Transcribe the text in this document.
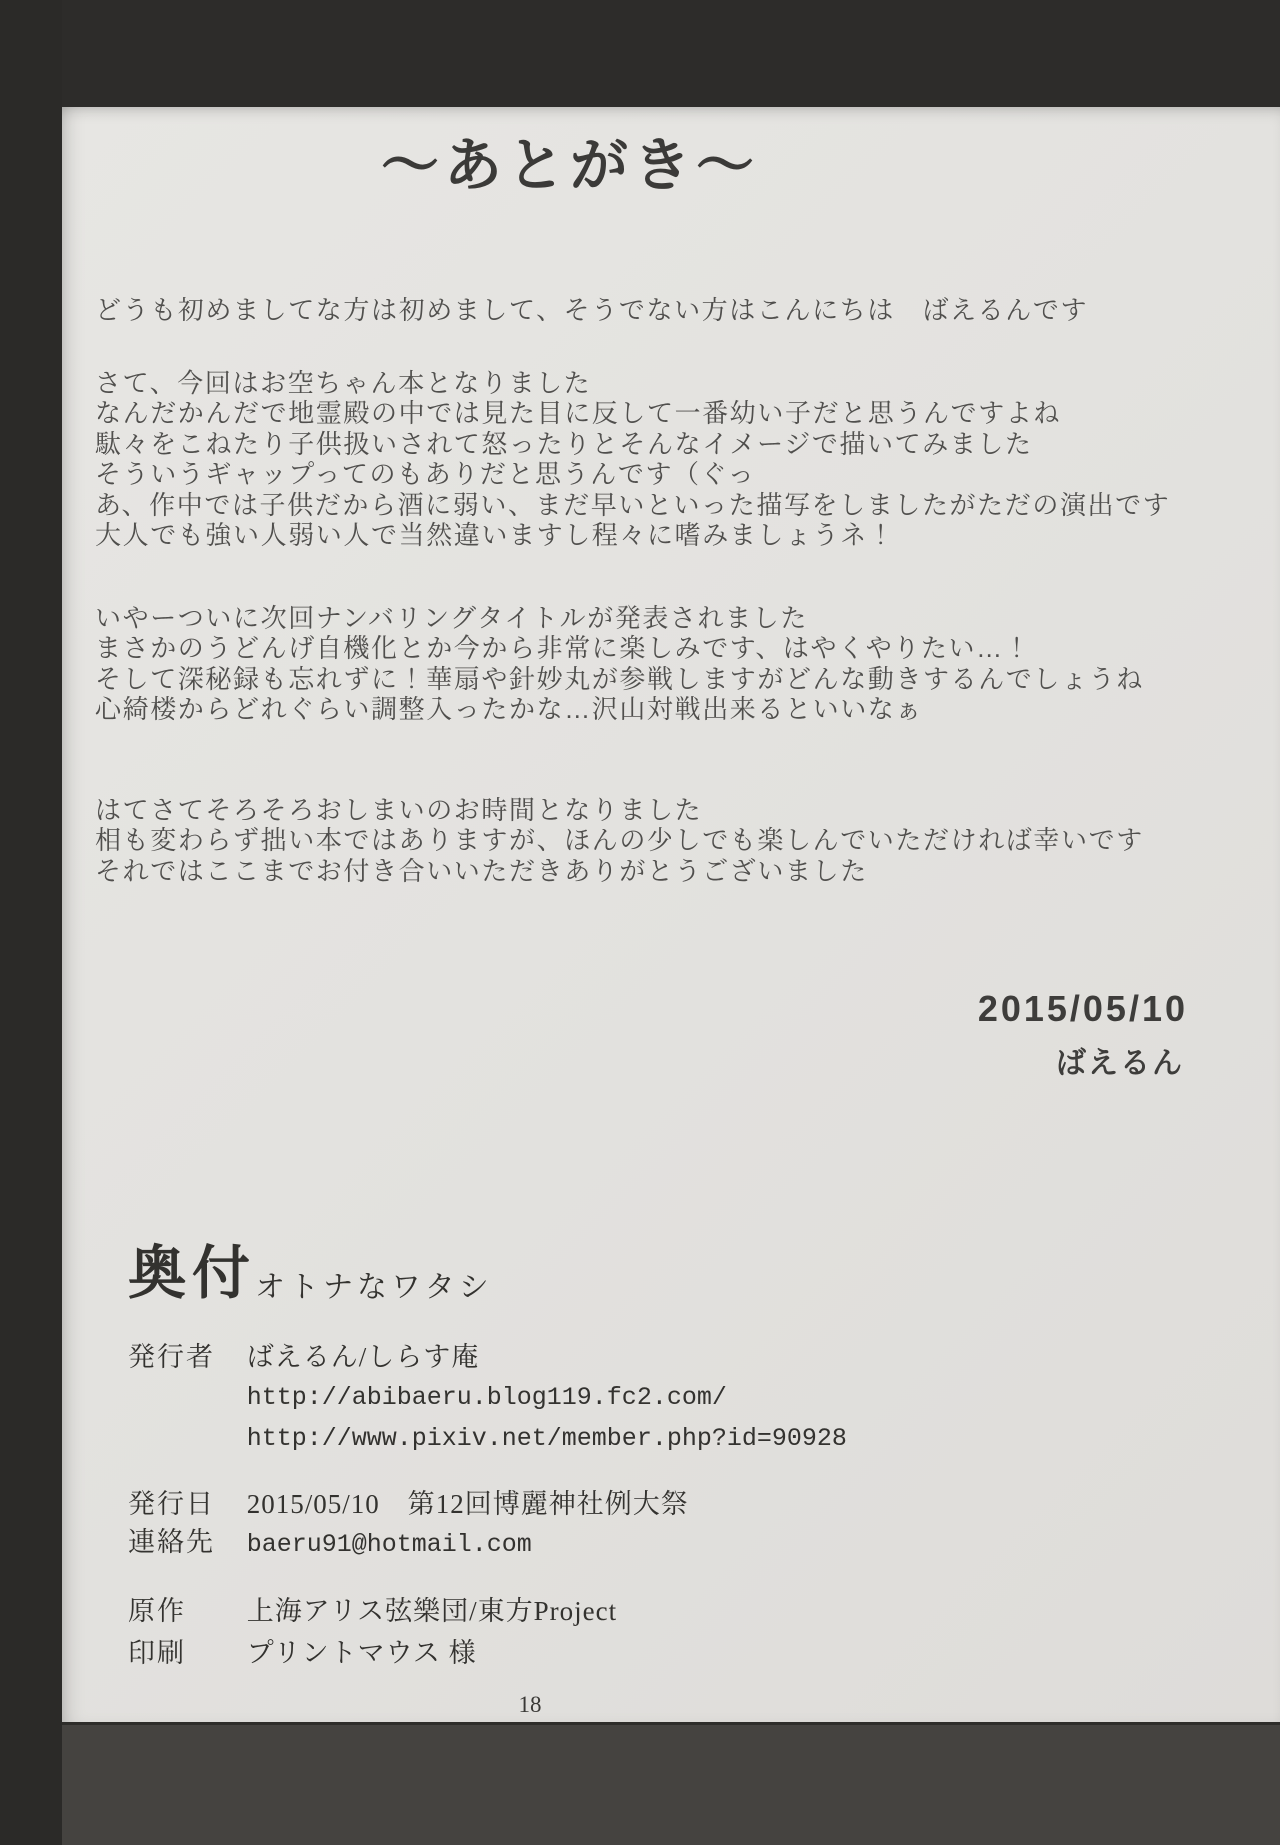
〜あとがき〜
どうも初めましてな方は初めまして、そうでない方はこんにちは　ばえるんです
さて、今回はお空ちゃん本となりました
なんだかんだで地霊殿の中では見た目に反して一番幼い子だと思うんですよね
駄々をこねたり子供扱いされて怒ったりとそんなイメージで描いてみました
そういうギャップってのもありだと思うんです（ぐっ
あ、作中では子供だから酒に弱い、まだ早いといった描写をしましたがただの演出です
大人でも強い人弱い人で当然違いますし程々に嗜みましょうネ！
いやーついに次回ナンバリングタイトルが発表されました
まさかのうどんげ自機化とか今から非常に楽しみです、はやくやりたい…！
そして深秘録も忘れずに！華扇や針妙丸が参戦しますがどんな動きするんでしょうね
心綺楼からどれぐらい調整入ったかな…沢山対戦出来るといいなぁ
はてさてそろそろおしまいのお時間となりました
相も変わらず拙い本ではありますが、ほんの少しでも楽しんでいただければ幸いです
それではここまでお付き合いいただきありがとうございました
2015/05/10
ばえるん
奥付
オトナなワタシ
発行者 ばえるん/しらす庵
http://abibaeru.blog119.fc2.com/
http://www.pixiv.net/member.php?id=90928
発行日 2015/05/10　第12回博麗神社例大祭
連絡先 baeru91@hotmail.com
原作 上海アリス弦樂団/東方Project
印刷 プリントマウス 様
18
